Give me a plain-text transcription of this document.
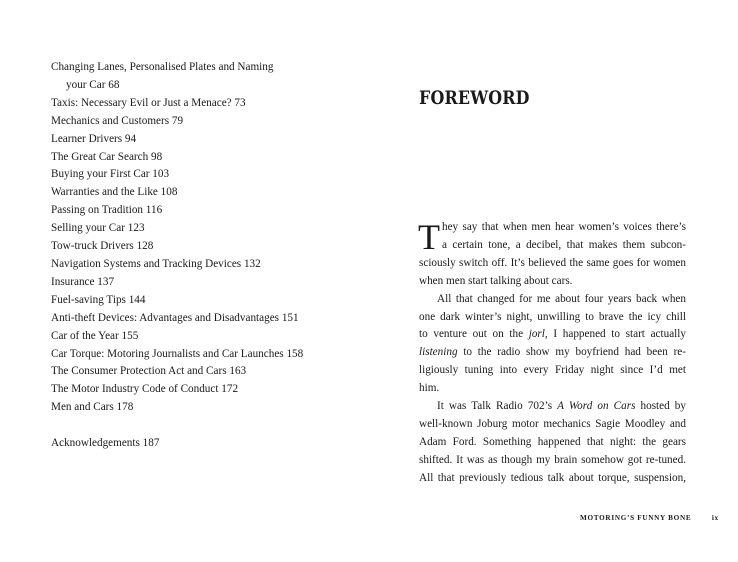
Changing Lanes, Personalised Plates and Naming
your Car 68
Taxis: Necessary Evil or Just a Menace? 73
Mechanics and Customers 79
Learner Drivers 94
The Great Car Search 98
Buying your First Car 103
Warranties and the Like 108
Passing on Tradition 116
Selling your Car 123
Tow-truck Drivers 128
Navigation Systems and Tracking Devices 132
Insurance 137
Fuel-saving Tips 144
Anti-theft Devices: Advantages and Disadvantages 151
Car of the Year 155
Car Torque: Motoring Journalists and Car Launches 158
The Consumer Protection Act and Cars 163
The Motor Industry Code of Conduct 172
Men and Cars 178
Acknowledgements 187
FOREWORD
T hey say that when men hear women’s voices there’s
a certain tone, a decibel, that makes them subcon-
sciously switch off. It’s believed the same goes for women
when men start talking about cars.
All that changed for me about four years back when
one dark winter’s night, unwilling to brave the icy chill
to venture out on the jorl, I happened to start actually
listening to the radio show my boyfriend had been re-
ligiously tuning into every Friday night since I’d met
him.
It was Talk Radio 702’s A Word on Cars hosted by
well-known Joburg motor mechanics Sagie Moodley and
Adam Ford. Something happened that night: the gears
shifted. It was as though my brain somehow got re-tuned.
All that previously tedious talk about torque, suspension,
MOTORING’S FUNNY BONE	ix
